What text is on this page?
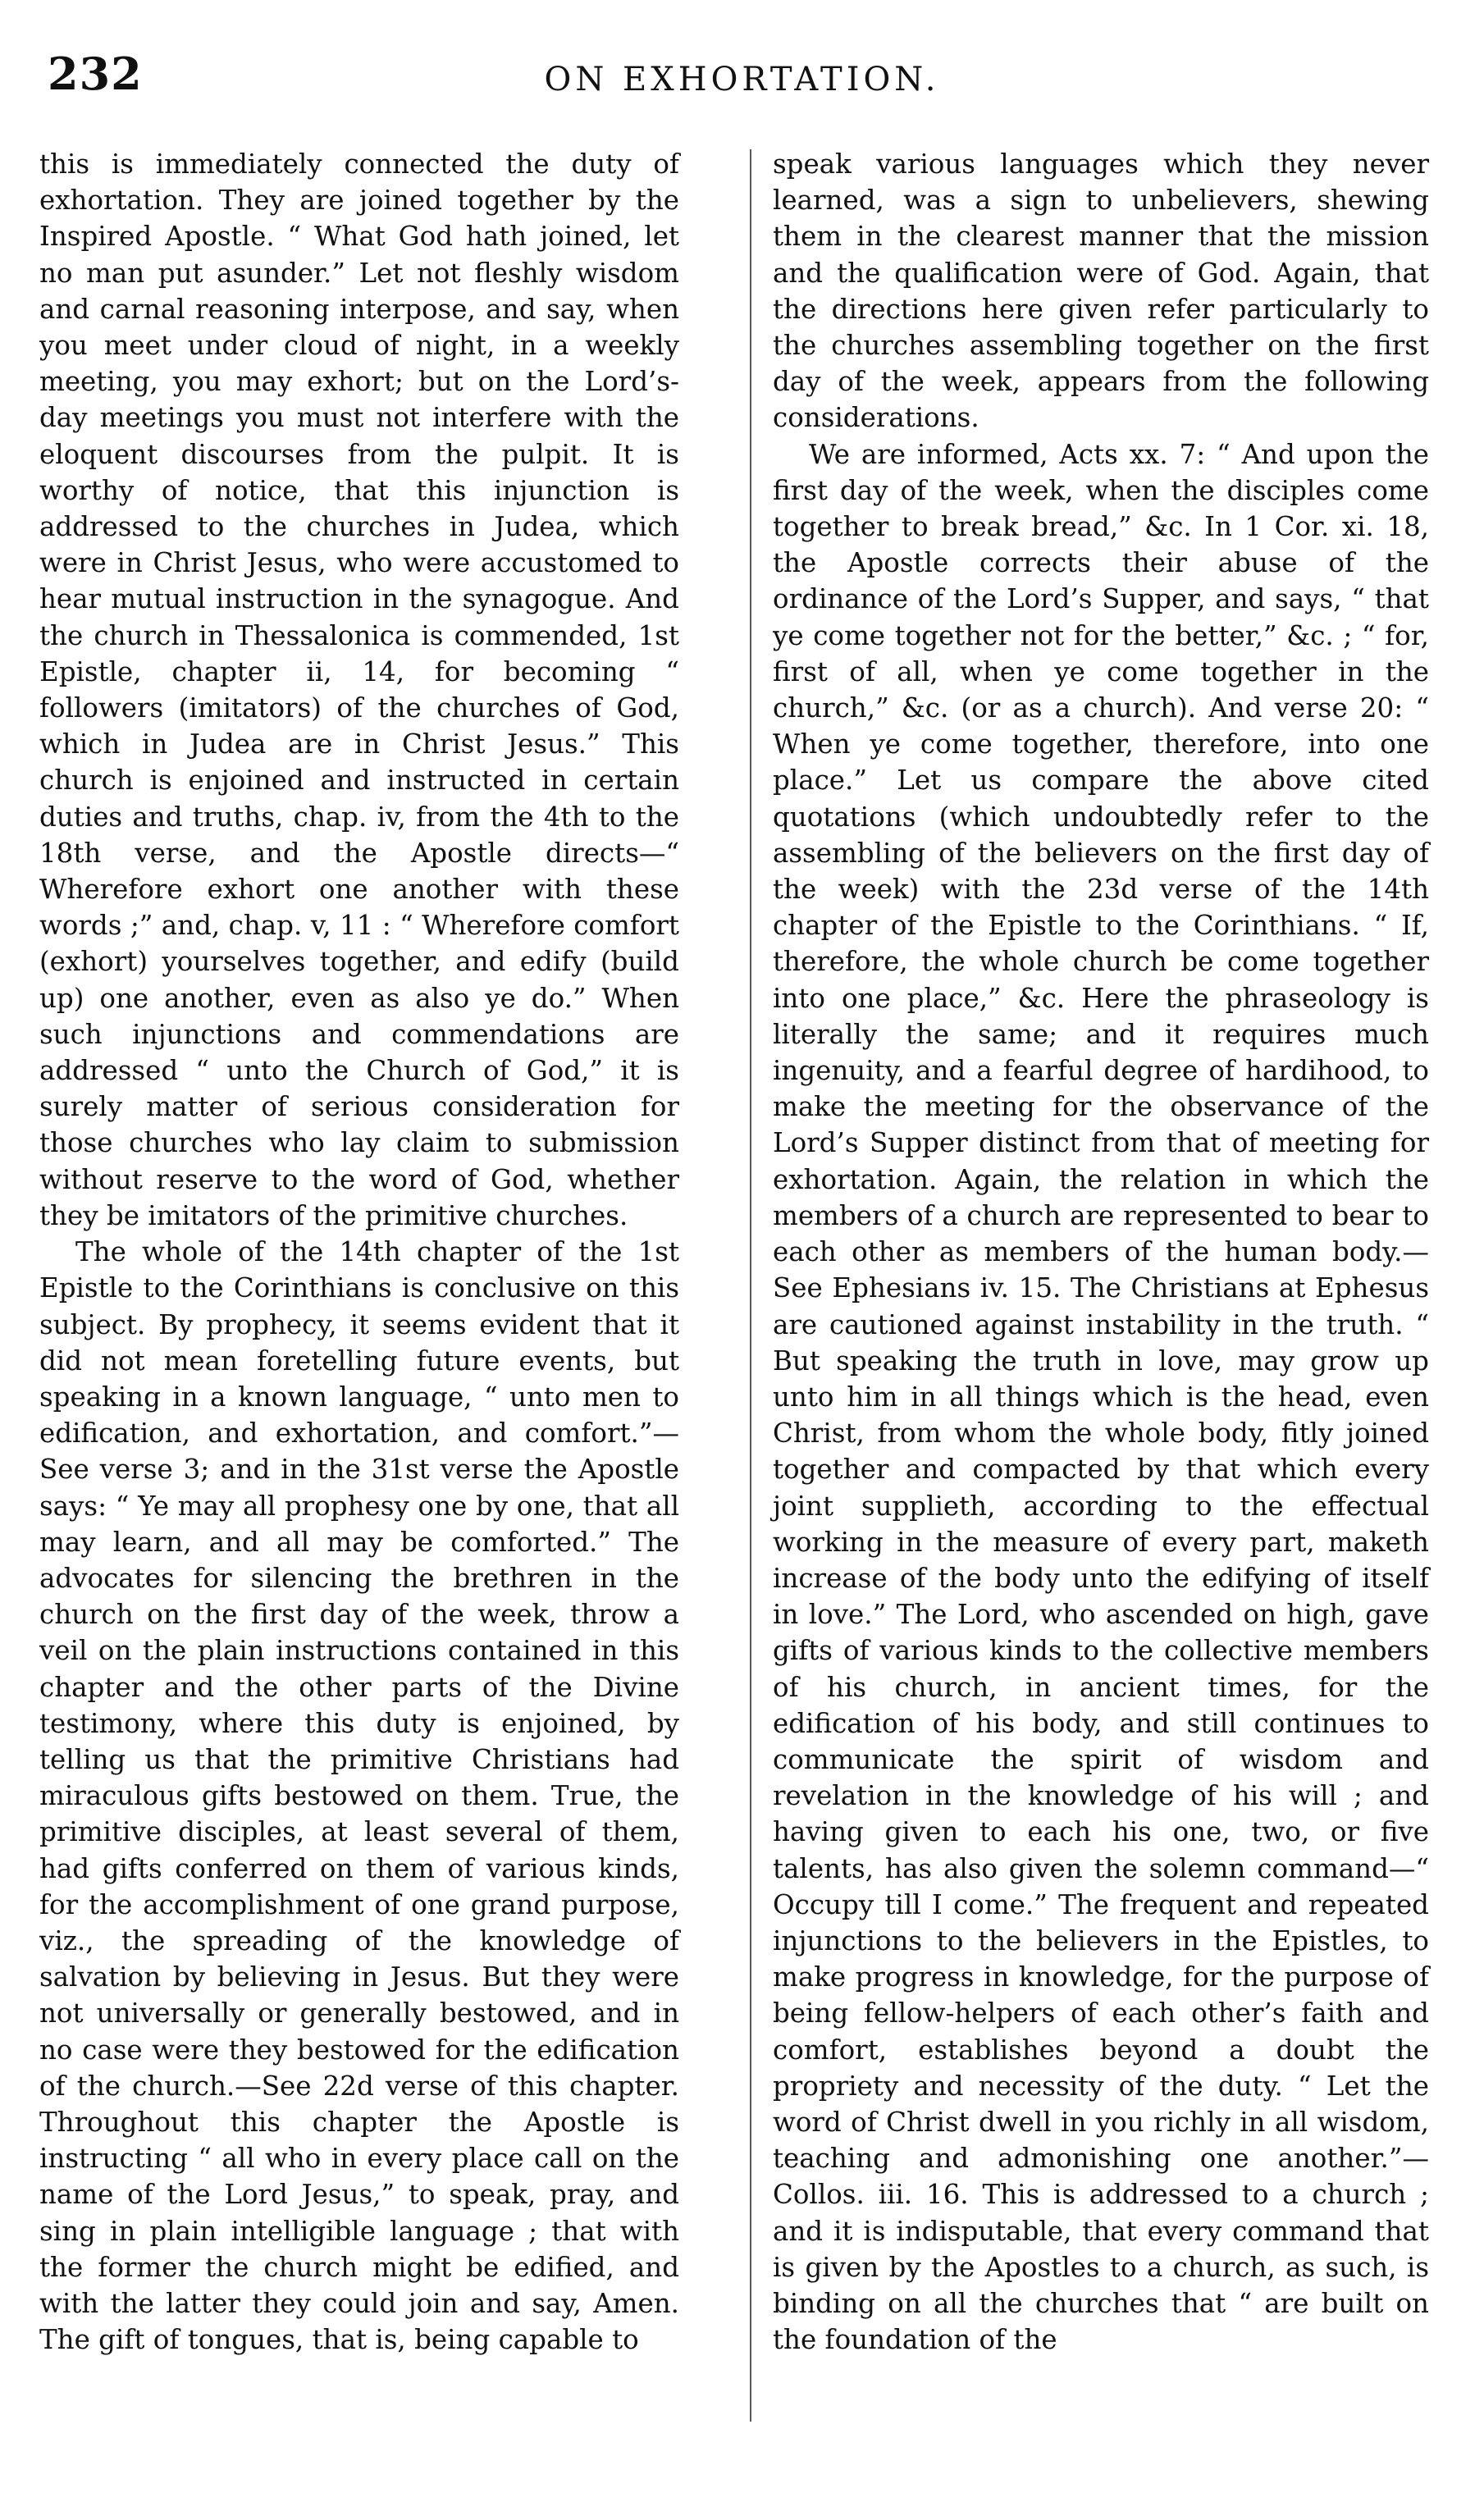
232	ON EXHORTATION.

this is immediately connected the duty of exhortation. They are joined together by the Inspired Apostle. “ What God hath joined, let no man put asunder.” Let not fleshly wisdom and carnal reasoning interpose, and say, when you meet under cloud of night, in a weekly meeting, you may exhort; but on the Lord’s-day meetings you must not interfere with the eloquent discourses from the pulpit. It is worthy of notice, that this injunction is addressed to the churches in Judea, which were in Christ Jesus, who were accustomed to hear mutual instruction in the synagogue. And the church in Thessalonica is commended, 1st Epistle, chapter ii, 14, for becoming “ followers (imitators) of the churches of God, which in Judea are in Christ Jesus.” This church is enjoined and instructed in certain duties and truths, chap. iv, from the 4th to the 18th verse, and the Apostle directs—“ Wherefore exhort one another with these words ;” and, chap. v, 11 : “ Wherefore comfort (exhort) yourselves together, and edify (build up) one another, even as also ye do.” When such injunctions and commendations are addressed “ unto the Church of God,” it is surely matter of serious consideration for those churches who lay claim to submission without reserve to the word of God, whether they be imitators of the primitive churches.

The whole of the 14th chapter of the 1st Epistle to the Corinthians is conclusive on this subject. By prophecy, it seems evident that it did not mean foretelling future events, but speaking in a known language, “ unto men to edification, and exhortation, and comfort.”—See verse 3; and in the 31st verse the Apostle says: “ Ye may all prophesy one by one, that all may learn, and all may be comforted.” The advocates for silencing the brethren in the church on the first day of the week, throw a veil on the plain instructions contained in this chapter and the other parts of the Divine testimony, where this duty is enjoined, by telling us that the primitive Christians had miraculous gifts bestowed on them. True, the primitive disciples, at least several of them, had gifts conferred on them of various kinds, for the accomplishment of one grand purpose, viz., the spreading of the knowledge of salvation by believing in Jesus. But they were not universally or generally bestowed, and in no case were they bestowed for the edification of the church.—See 22d verse of this chapter. Throughout this chapter the Apostle is instructing “ all who in every place call on the name of the Lord Jesus,” to speak, pray, and sing in plain intelligible language ; that with the former the church might be edified, and with the latter they could join and say, Amen. The gift of tongues, that is, being capable to

speak various languages which they never learned, was a sign to unbelievers, shewing them in the clearest manner that the mission and the qualification were of God. Again, that the directions here given refer particularly to the churches assembling together on the first day of the week, appears from the following considerations.

We are informed, Acts xx. 7: “ And upon the first day of the week, when the disciples come together to break bread,” &c. In 1 Cor. xi. 18, the Apostle corrects their abuse of the ordinance of the Lord’s Supper, and says, “ that ye come together not for the better,” &c. ; “ for, first of all, when ye come together in the church,” &c. (or as a church). And verse 20: “ When ye come together, therefore, into one place.” Let us compare the above cited quotations (which undoubtedly refer to the assembling of the believers on the first day of the week) with the 23d verse of the 14th chapter of the Epistle to the Corinthians. “ If, therefore, the whole church be come together into one place,” &c. Here the phraseology is literally the same; and it requires much ingenuity, and a fearful degree of hardihood, to make the meeting for the observance of the Lord’s Supper distinct from that of meeting for exhortation. Again, the relation in which the members of a church are represented to bear to each other as members of the human body.—See Ephesians iv. 15. The Christians at Ephesus are cautioned against instability in the truth. “ But speaking the truth in love, may grow up unto him in all things which is the head, even Christ, from whom the whole body, fitly joined together and compacted by that which every joint supplieth, according to the effectual working in the measure of every part, maketh increase of the body unto the edifying of itself in love.” The Lord, who ascended on high, gave gifts of various kinds to the collective members of his church, in ancient times, for the edification of his body, and still continues to communicate the spirit of wisdom and revelation in the knowledge of his will ; and having given to each his one, two, or five talents, has also given the solemn command—“ Occupy till I come.” The frequent and repeated injunctions to the believers in the Epistles, to make progress in knowledge, for the purpose of being fellow-helpers of each other’s faith and comfort, establishes beyond a doubt the propriety and necessity of the duty. “ Let the word of Christ dwell in you richly in all wisdom, teaching and admonishing one another.”— Collos. iii. 16. This is addressed to a church ; and it is indisputable, that every command that is given by the Apostles to a church, as such, is binding on all the churches that “ are built on the foundation of the
